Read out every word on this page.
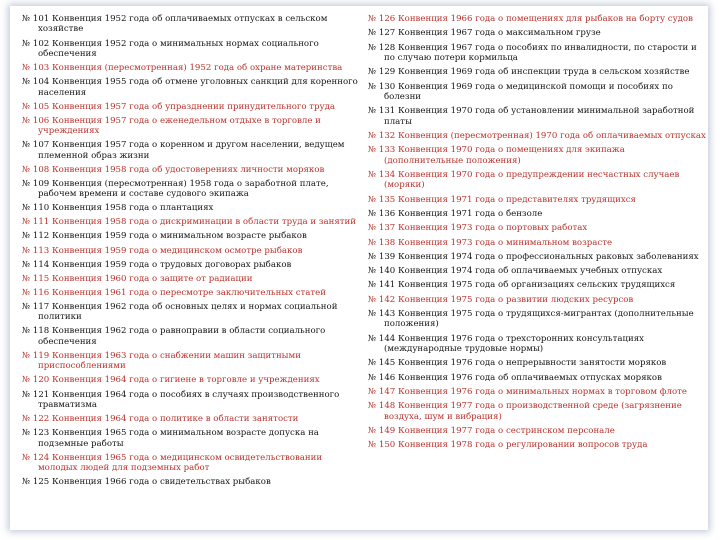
№ 101 Конвенция 1952 года об оплачиваемых отпусках в сельском хозяйстве
№ 102 Конвенция 1952 года о минимальных нормах социального обеспечения
№ 103 Конвенция (пересмотренная) 1952 года об охране материнства
№ 104 Конвенция 1955 года об отмене уголовных санкций для коренного населения
№ 105 Конвенция 1957 года об упразднении принудительного труда
№ 106 Конвенция 1957 года о еженедельном отдыхе в торговле и учреждениях
№ 107 Конвенция 1957 года о коренном и другом населении, ведущем племенной образ жизни
№ 108 Конвенция 1958 года об удостоверениях личности моряков
№ 109 Конвенция (пересмотренная) 1958 года о заработной плате, рабочем времени и составе судового экипажа
№ 110 Конвенция 1958 года о плантациях
№ 111 Конвенция 1958 года о дискриминации в области труда и занятий
№ 112 Конвенция 1959 года о минимальном возрасте рыбаков
№ 113 Конвенция 1959 года о медицинском осмотре рыбаков
№ 114 Конвенция 1959 года о трудовых договорах рыбаков
№ 115 Конвенция 1960 года о защите от радиации
№ 116 Конвенция 1961 года о пересмотре заключительных статей
№ 117 Конвенция 1962 года об основных целях и нормах социальной политики
№ 118 Конвенция 1962 года о равноправии в области социального обеспечения
№ 119 Конвенция 1963 года о снабжении машин защитными приспособлениями
№ 120 Конвенция 1964 года о гигиене в торговле и учреждениях
№ 121 Конвенция 1964 года о пособиях в случаях производственного травматизма
№ 122 Конвенция 1964 года о политике в области занятости
№ 123 Конвенция 1965 года о минимальном возрасте допуска на подземные работы
№ 124 Конвенция 1965 года о медицинском освидетельствовании молодых людей для подземных работ
№ 125 Конвенция 1966 года о свидетельствах рыбаков
№ 126 Конвенция 1966 года о помещениях для рыбаков на борту судов
№ 127 Конвенция 1967 года о максимальном грузе
№ 128 Конвенция 1967 года о пособиях по инвалидности, по старости и по случаю потери кормильца
№ 129 Конвенция 1969 года об инспекции труда в сельском хозяйстве
№ 130 Конвенция 1969 года о медицинской помощи и пособиях по болезни
№ 131 Конвенция 1970 года об установлении минимальной заработной платы
№ 132 Конвенция (пересмотренная) 1970 года об оплачиваемых отпусках
№ 133 Конвенция 1970 года о помещениях для экипажа (дополнительные положения)
№ 134 Конвенция 1970 года о предупреждении несчастных случаев (моряки)
№ 135 Конвенция 1971 года о представителях трудящихся
№ 136 Конвенция 1971 года о бензоле
№ 137 Конвенция 1973 года о портовых работах
№ 138 Конвенция 1973 года о минимальном возрасте
№ 139 Конвенция 1974 года о профессиональных раковых заболеваниях
№ 140 Конвенция 1974 года об оплачиваемых учебных отпусках
№ 141 Конвенция 1975 года об организациях сельских трудящихся
№ 142 Конвенция 1975 года о развитии людских ресурсов
№ 143 Конвенция 1975 года о трудящихся-мигрантах (дополнительные положения)
№ 144 Конвенция 1976 года о трехсторонних консультациях (международные трудовые нормы)
№ 145 Конвенция 1976 года о непрерывности занятости моряков
№ 146 Конвенция 1976 года об оплачиваемых отпусках моряков
№ 147 Конвенция 1976 года о минимальных нормах в торговом флоте
№ 148 Конвенция 1977 года о производственной среде (загрязнение воздуха, шум и вибрация)
№ 149 Конвенция 1977 года о сестринском персонале
№ 150 Конвенция 1978 года о регулировании вопросов труда
